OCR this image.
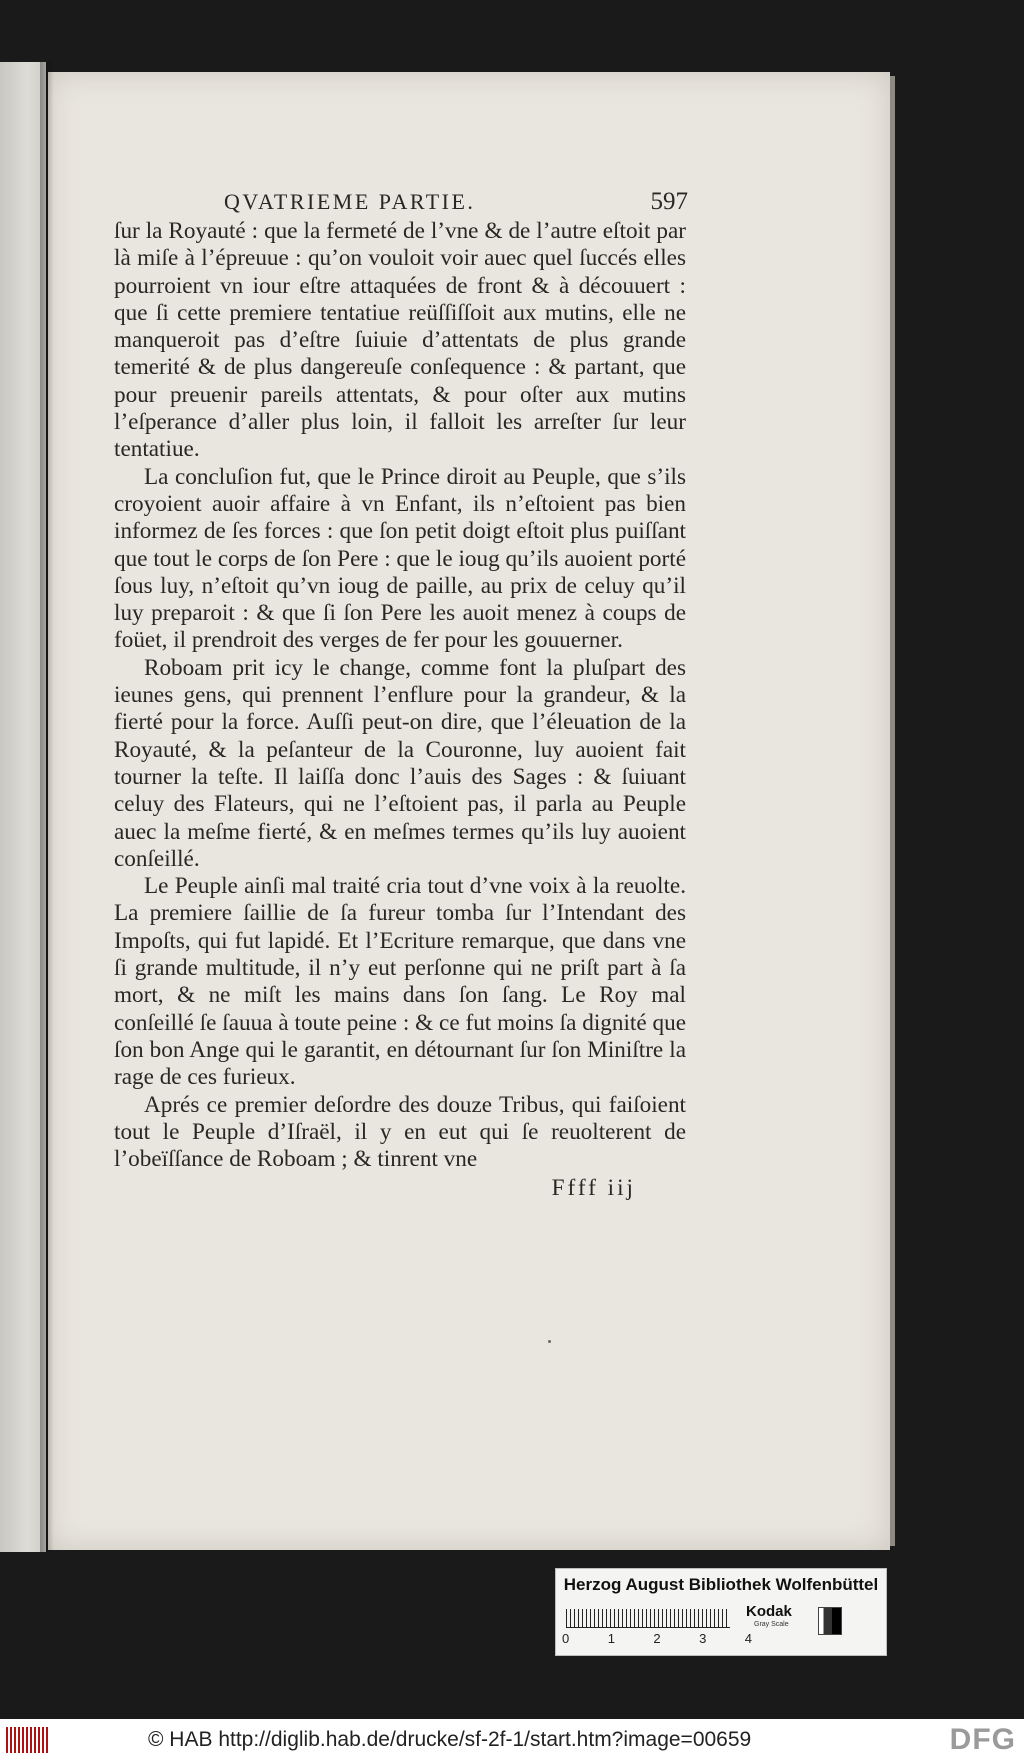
QVATRIEME PARTIE.	597

ſur la Royauté : que la fermeté de l’vne & de l’autre eſtoit par là miſe à l’épreuue : qu’on vouloit voir auec quel ſuccés elles pourroient vn iour eſtre attaquées de front & à découuert : que ſi cette premiere tentatiue reüſſiſſoit aux mutins, elle ne manqueroit pas d’eſtre ſuiuie d’attentats de plus grande temerité & de plus dangereuſe conſequence : & partant, que pour preuenir pareils attentats, & pour oſter aux mutins l’eſperance d’aller plus loin, il falloit les arreſter ſur leur tentatiue.

La concluſion fut, que le Prince diroit au Peuple, que s’ils croyoient auoir affaire à vn Enfant, ils n’eſtoient pas bien informez de ſes forces : que ſon petit doigt eſtoit plus puiſſant que tout le corps de ſon Pere : que le ioug qu’ils auoient porté ſous luy, n’eſtoit qu’vn ioug de paille, au prix de celuy qu’il luy preparoit : & que ſi ſon Pere les auoit menez à coups de foüet, il prendroit des verges de fer pour les gouuerner.

Roboam prit icy le change, comme font la pluſpart des ieunes gens, qui prennent l’enflure pour la grandeur, & la fierté pour la force. Auſſi peut-on dire, que l’éleuation de la Royauté, & la peſanteur de la Couronne, luy auoient fait tourner la teſte. Il laiſſa donc l’auis des Sages : & ſuiuant celuy des Flateurs, qui ne l’eſtoient pas, il parla au Peuple auec la meſme fierté, & en meſmes termes qu’ils luy auoient conſeillé.

Le Peuple ainſi mal traité cria tout d’vne voix à la reuolte. La premiere ſaillie de ſa fureur tomba ſur l’Intendant des Impoſts, qui fut lapidé. Et l’Ecriture remarque, que dans vne ſi grande multitude, il n’y eut perſonne qui ne priſt part à ſa mort, & ne miſt les mains dans ſon ſang. Le Roy mal conſeillé ſe ſauua à toute peine : & ce fut moins ſa dignité que ſon bon Ange qui le garantit, en détournant ſur ſon Miniſtre la rage de ces furieux.

Aprés ce premier deſordre des douze Tribus, qui faiſoient tout le Peuple d’Iſraël, il y en eut qui ſe reuolterent de l’obeïſſance de Roboam ; & tinrent vne

Ffff iij
Herzog August Bibliothek Wolfenbüttel
0	1	2	3	4
Kodak
Gray Scale
© HAB http://diglib.hab.de/drucke/sf-2f-1/start.htm?image=00659	DFG
